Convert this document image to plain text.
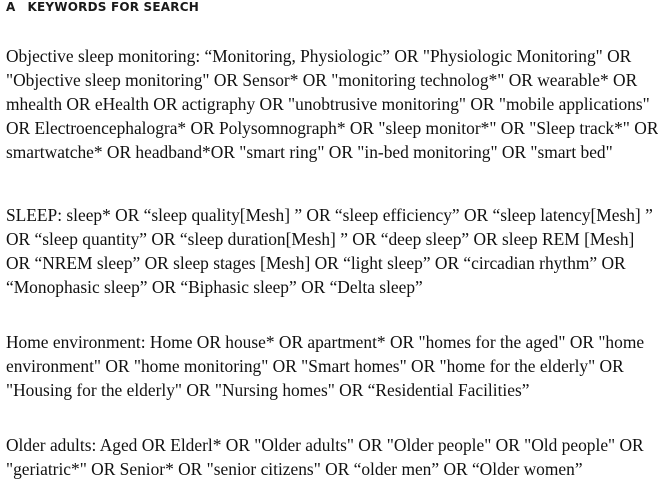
A KEYWORDS FOR SEARCH

Objective sleep monitoring: “Monitoring, Physiologic” OR "Physiologic Monitoring" OR
"Objective sleep monitoring" OR Sensor* OR "monitoring technolog*" OR wearable* OR
mhealth OR eHealth OR actigraphy OR "unobtrusive monitoring" OR "mobile applications"
OR Electroencephalogra* OR Polysomnograph* OR "sleep monitor*" OR "Sleep track*" OR
smartwatche* OR headband*OR "smart ring" OR "in-bed monitoring" OR "smart bed"

SLEEP: sleep* OR “sleep quality[Mesh] ” OR “sleep efficiency” OR “sleep latency[Mesh] ”
OR “sleep quantity” OR “sleep duration[Mesh] ” OR “deep sleep” OR sleep REM [Mesh]
OR “NREM sleep” OR sleep stages [Mesh] OR “light sleep” OR “circadian rhythm” OR
“Monophasic sleep” OR “Biphasic sleep” OR “Delta sleep”

Home environment: Home OR house* OR apartment* OR "homes for the aged" OR "home
environment" OR "home monitoring" OR "Smart homes" OR "home for the elderly" OR
"Housing for the elderly" OR "Nursing homes" OR “Residential Facilities”

Older adults: Aged OR Elderl* OR "Older adults" OR "Older people" OR "Old people" OR
"geriatric*" OR Senior* OR "senior citizens" OR “older men” OR “Older women”
